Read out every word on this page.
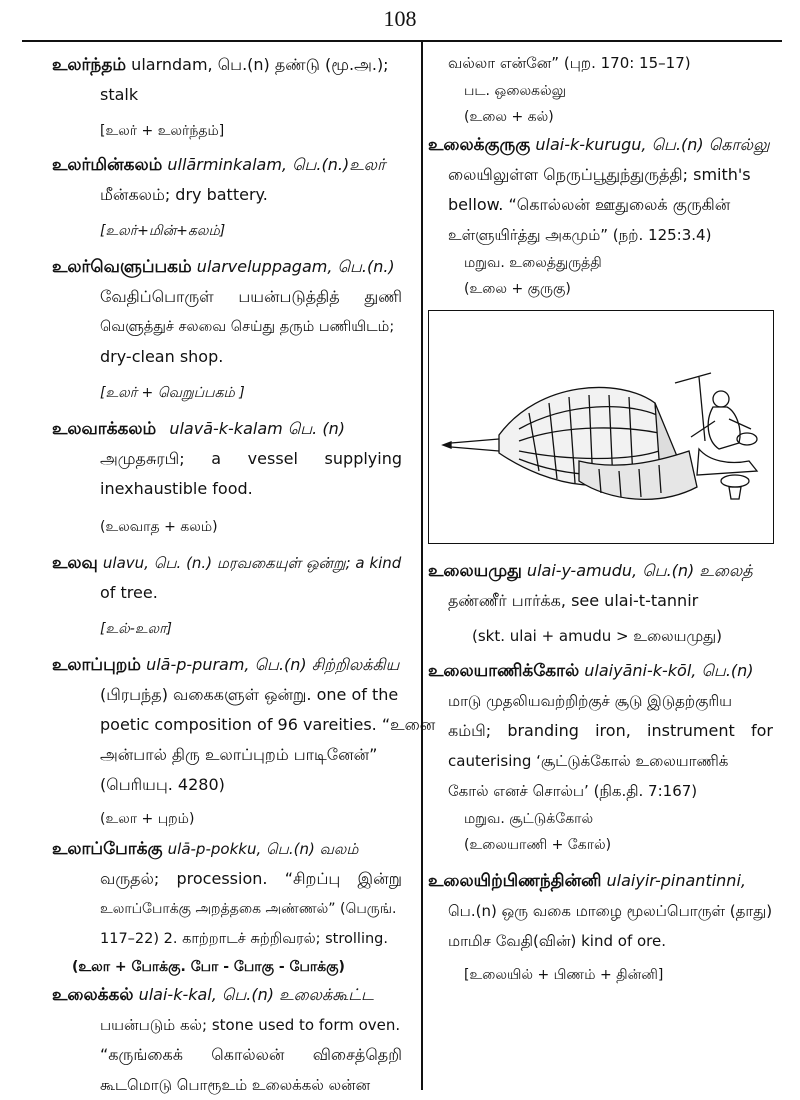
108
உலர்ந்தம் ularndam, பெ.(n) தண்டு (மூ.அ.);
stalk
[உலர் + உலர்ந்தம்]
உலர்மின்கலம் ullārminkalam, பெ.(n.)உலர்
மீன்கலம்; dry battery.
[உலர்+மின்+கலம்]
உலர்வெளுப்பகம் ularveluppagam, பெ.(n.)
வேதிப்பொருள் பயன்படுத்தித் துணி
வெளுத்துச் சலவை செய்து தரும் பணியிடம்;
dry-clean shop.
[உலர் + வெறுப்பகம் ]
உலவாக்கலம் ulavā-k-kalam பெ. (n)
அமுதசுரபி; a vessel supplying
inexhaustible food.
(உலவாத + கலம்)
உலவு ulavu, பெ. (n.) மரவகையுள் ஒன்று; a kind
of tree.
[உல்-உலா]
உலாப்புறம் ulā-p-puram, பெ.(n) சிற்றிலக்கிய
(பிரபந்த) வகைகளுள் ஒன்று. one of the
poetic composition of 96 vareities. “உனை
அன்பால் திரு உலாப்புறம் பாடினேன்”
(பெரியபு. 4280)
(உலா + புறம்)
உலாப்போக்கு ulā-p-pokku, பெ.(n) வலம்
வருதல்; procession. “சிறப்பு இன்று
உலாப்போக்கு அறத்தகை அண்ணல்” (பெருங்.
117–22) 2. காற்றாடச் சுற்றிவரல்; strolling.
(உலா + போக்கு. போ - போகு - போக்கு)
உலைக்கல் ulai-k-kal, பெ.(n) உலைக்கூட்ட
பயன்படும் கல்; stone used to form oven.
“கருங்கைக் கொல்லன் விசைத்தெறி
கூடமொடு பொரூஉம் உலைக்கல் லன்ன
வல்லா என்னே” (புற. 170: 15–17)
பட. ஒலைகல்லு
(உலை + கல்)
உலைக்குருகு ulai-k-kurugu, பெ.(n) கொல்லு
லையிலுள்ள நெருப்பூதுந்துருத்தி; smith's
bellow. “கொல்லன் ஊதுலைக் குருகின்
உள்ளுயிர்த்து அகமும்” (நற். 125:3.4)
மறுவ. உலைத்துருத்தி
(உலை + குருகு)
உலையமுது ulai-y-amudu, பெ.(n) உலைத்
தண்ணீர் பார்க்க, see ulai-t-tannir
(skt. ulai + amudu > உலையமுது)
உலையாணிக்கோல் ulaiyāni-k-kōl, பெ.(n)
மாடு முதலியவற்றிற்குச் சூடு இடுதற்குரிய
கம்பி; branding iron, instrument for
cauterising ‘சூட்டுக்கோல் உலையாணிக்
கோல் எனச் சொல்ப’ (நிக.தி. 7:167)
மறுவ. சூட்டுக்கோல்
(உலையாணி + கோல்)
உலையிற்பிணந்தின்னி ulaiyir-pinantinni,
பெ.(n) ஒரு வகை மாழை மூலப்பொருள் (தாது)
மாமிச வேதி(வின்) kind of ore.
[உலையில் + பிணம் + தின்னி]
